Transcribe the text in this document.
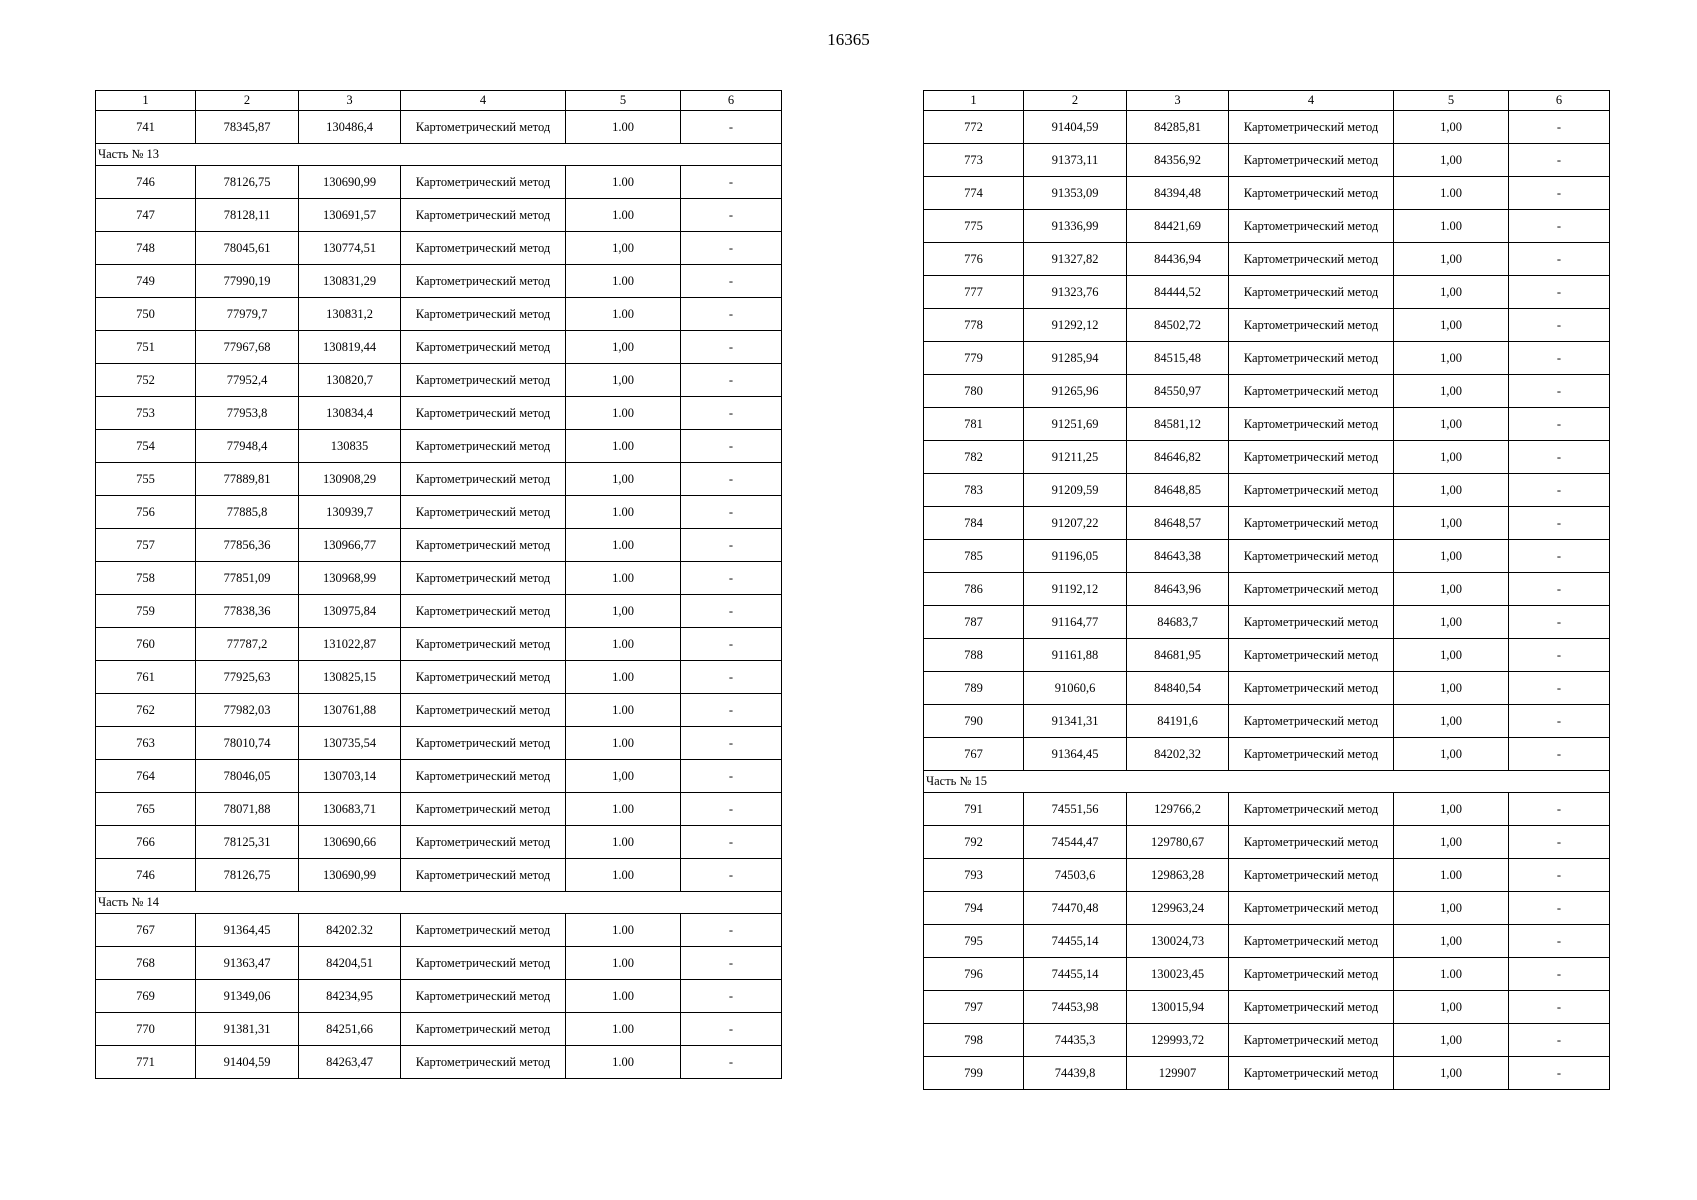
16365
1	2	3	4	5	6
741	78345,87	130486,4	Картометрический метод	1.00	-
Часть № 13					
746	78126,75	130690,99	Картометрический метод	1.00	-
747	78128,11	130691,57	Картометрический метод	1.00	-
748	78045,61	130774,51	Картометрический метод	1,00	-
749	77990,19	130831,29	Картометрический метод	1.00	-
750	77979,7	130831,2	Картометрический метод	1.00	-
751	77967,68	130819,44	Картометрический метод	1,00	-
752	77952,4	130820,7	Картометрический метод	1,00	-
753	77953,8	130834,4	Картометрический метод	1.00	-
754	77948,4	130835	Картометрический метод	1.00	-
755	77889,81	130908,29	Картометрический метод	1,00	-
756	77885,8	130939,7	Картометрический метод	1.00	-
757	77856,36	130966,77	Картометрический метод	1.00	-
758	77851,09	130968,99	Картометрический метод	1.00	-
759	77838,36	130975,84	Картометрический метод	1,00	-
760	77787,2	131022,87	Картометрический метод	1.00	-
761	77925,63	130825,15	Картометрический метод	1.00	-
762	77982,03	130761,88	Картометрический метод	1.00	-
763	78010,74	130735,54	Картометрический метод	1.00	-
764	78046,05	130703,14	Картометрический метод	1,00	-
765	78071,88	130683,71	Картометрический метод	1.00	-
766	78125,31	130690,66	Картометрический метод	1.00	-
746	78126,75	130690,99	Картометрический метод	1.00	-
Часть № 14					
767	91364,45	84202.32	Картометрический метод	1.00	-
768	91363,47	84204,51	Картометрический метод	1.00	-
769	91349,06	84234,95	Картометрический метод	1.00	-
770	91381,31	84251,66	Картометрический метод	1.00	-
771	91404,59	84263,47	Картометрический метод	1.00	-
1	2	3	4	5	6
772	91404,59	84285,81	Картометрический метод	1,00	-
773	91373,11	84356,92	Картометрический метод	1,00	-
774	91353,09	84394,48	Картометрический метод	1.00	-
775	91336,99	84421,69	Картометрический метод	1.00	-
776	91327,82	84436,94	Картометрический метод	1,00	-
777	91323,76	84444,52	Картометрический метод	1,00	-
778	91292,12	84502,72	Картометрический метод	1,00	-
779	91285,94	84515,48	Картометрический метод	1,00	-
780	91265,96	84550,97	Картометрический метод	1,00	-
781	91251,69	84581,12	Картометрический метод	1,00	-
782	91211,25	84646,82	Картометрический метод	1,00	-
783	91209,59	84648,85	Картометрический метод	1,00	-
784	91207,22	84648,57	Картометрический метод	1,00	-
785	91196,05	84643,38	Картометрический метод	1,00	-
786	91192,12	84643,96	Картометрический метод	1,00	-
787	91164,77	84683,7	Картометрический метод	1,00	-
788	91161,88	84681,95	Картометрический метод	1,00	-
789	91060,6	84840,54	Картометрический метод	1,00	-
790	91341,31	84191,6	Картометрический метод	1,00	-
767	91364,45	84202,32	Картометрический метод	1,00	-
Часть № 15					
791	74551,56	129766,2	Картометрический метод	1,00	-
792	74544,47	129780,67	Картометрический метод	1,00	-
793	74503,6	129863,28	Картометрический метод	1.00	-
794	74470,48	129963,24	Картометрический метод	1,00	-
795	74455,14	130024,73	Картометрический метод	1,00	-
796	74455,14	130023,45	Картометрический метод	1.00	-
797	74453,98	130015,94	Картометрический метод	1,00	-
798	74435,3	129993,72	Картометрический метод	1,00	-
799	74439,8	129907	Картометрический метод	1,00	-
